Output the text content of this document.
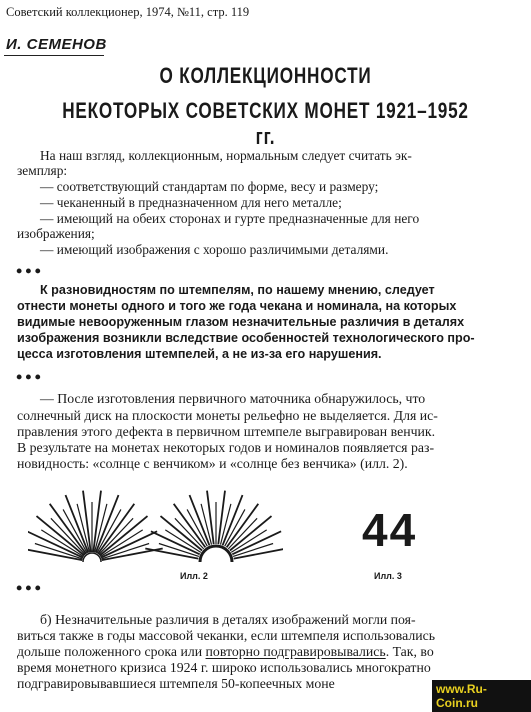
Советский коллекционер, 1974, №11, стр. 119
И. СЕМЕНОВ
О КОЛЛЕКЦИОННОСТИ
НЕКОТОРЫХ СОВЕТСКИХ МОНЕТ 1921–1952 гг.
На наш взгляд, коллекционным, нормальным следует считать эк-
земпляр:
— соответствующий стандартам по форме, весу и размеру;
— чеканенный в предназначенном для него металле;
— имеющий на обеих сторонах и гурте предназначенные для него
изображения;
— имеющий изображения с хорошо различимыми деталями.
•••
К разновидностям по штемпелям, по нашему мнению, следует
отнести монеты одного и того же года чекана и номинала, на которых
видимые невооруженным глазом незначительные различия в деталях
изображения возникли вследствие особенностей технологического про-
цесса изготовления штемпелей, а не из-за его нарушения.
•••
— После изготовления первичного маточника обнаружилось, что
солнечный диск на плоскости монеты рельефно не выделяется. Для ис-
правления этого дефекта в первичном штемпеле выгравирован венчик.
В результате на монетах некоторых годов и номиналов появляется раз-
новидность: «солнце с венчиком» и «солнце без венчика» (илл. 2).
Илл. 2
44
Илл. 3
•••
б) Незначительные различия в деталях изображений могли поя-
виться также в годы массовой чеканки, если штемпеля использовались
дольше положенного срока или повторно подгравировывались. Так, во
время монетного кризиса 1924 г. широко использовались многократно
подгравировывавшиеся штемпеля 50-копеечных моне	www.Ru-Coin.ru
